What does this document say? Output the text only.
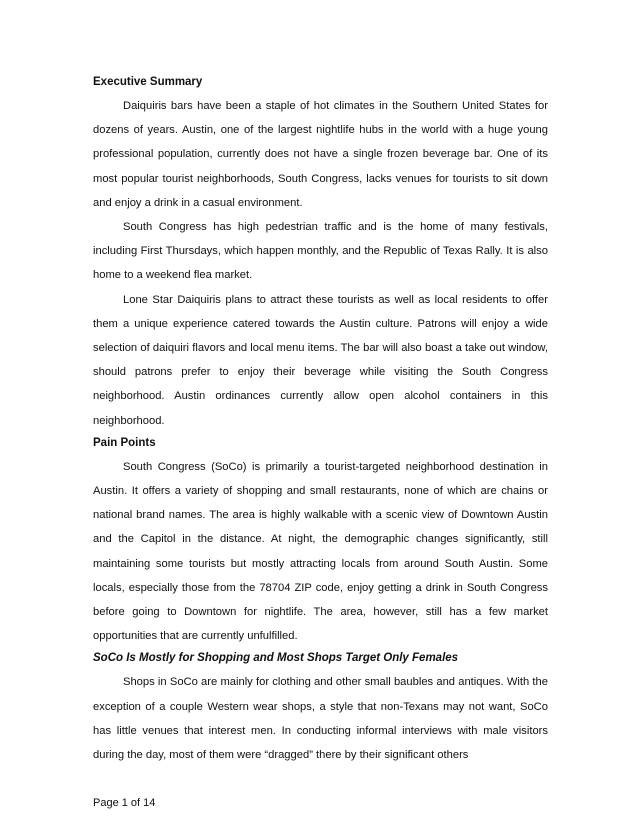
Executive Summary

Daiquiris bars have been a staple of hot climates in the Southern United States for dozens of years. Austin, one of the largest nightlife hubs in the world with a huge young professional population, currently does not have a single frozen beverage bar. One of its most popular tourist neighborhoods, South Congress, lacks venues for tourists to sit down and enjoy a drink in a casual environment.

South Congress has high pedestrian traffic and is the home of many festivals, including First Thursdays, which happen monthly, and the Republic of Texas Rally. It is also home to a weekend flea market.

Lone Star Daiquiris plans to attract these tourists as well as local residents to offer them a unique experience catered towards the Austin culture. Patrons will enjoy a wide selection of daiquiri flavors and local menu items. The bar will also boast a take out window, should patrons prefer to enjoy their beverage while visiting the South Congress neighborhood. Austin ordinances currently allow open alcohol containers in this neighborhood.

Pain Points

South Congress (SoCo) is primarily a tourist-targeted neighborhood destination in Austin. It offers a variety of shopping and small restaurants, none of which are chains or national brand names. The area is highly walkable with a scenic view of Downtown Austin and the Capitol in the distance. At night, the demographic changes significantly, still maintaining some tourists but mostly attracting locals from around South Austin. Some locals, especially those from the 78704 ZIP code, enjoy getting a drink in South Congress before going to Downtown for nightlife. The area, however, still has a few market opportunities that are currently unfulfilled.

SoCo Is Mostly for Shopping and Most Shops Target Only Females

Shops in SoCo are mainly for clothing and other small baubles and antiques. With the exception of a couple Western wear shops, a style that non-Texans may not want, SoCo has little venues that interest men. In conducting informal interviews with male visitors during the day, most of them were “dragged” there by their significant others

Page 1 of 14
